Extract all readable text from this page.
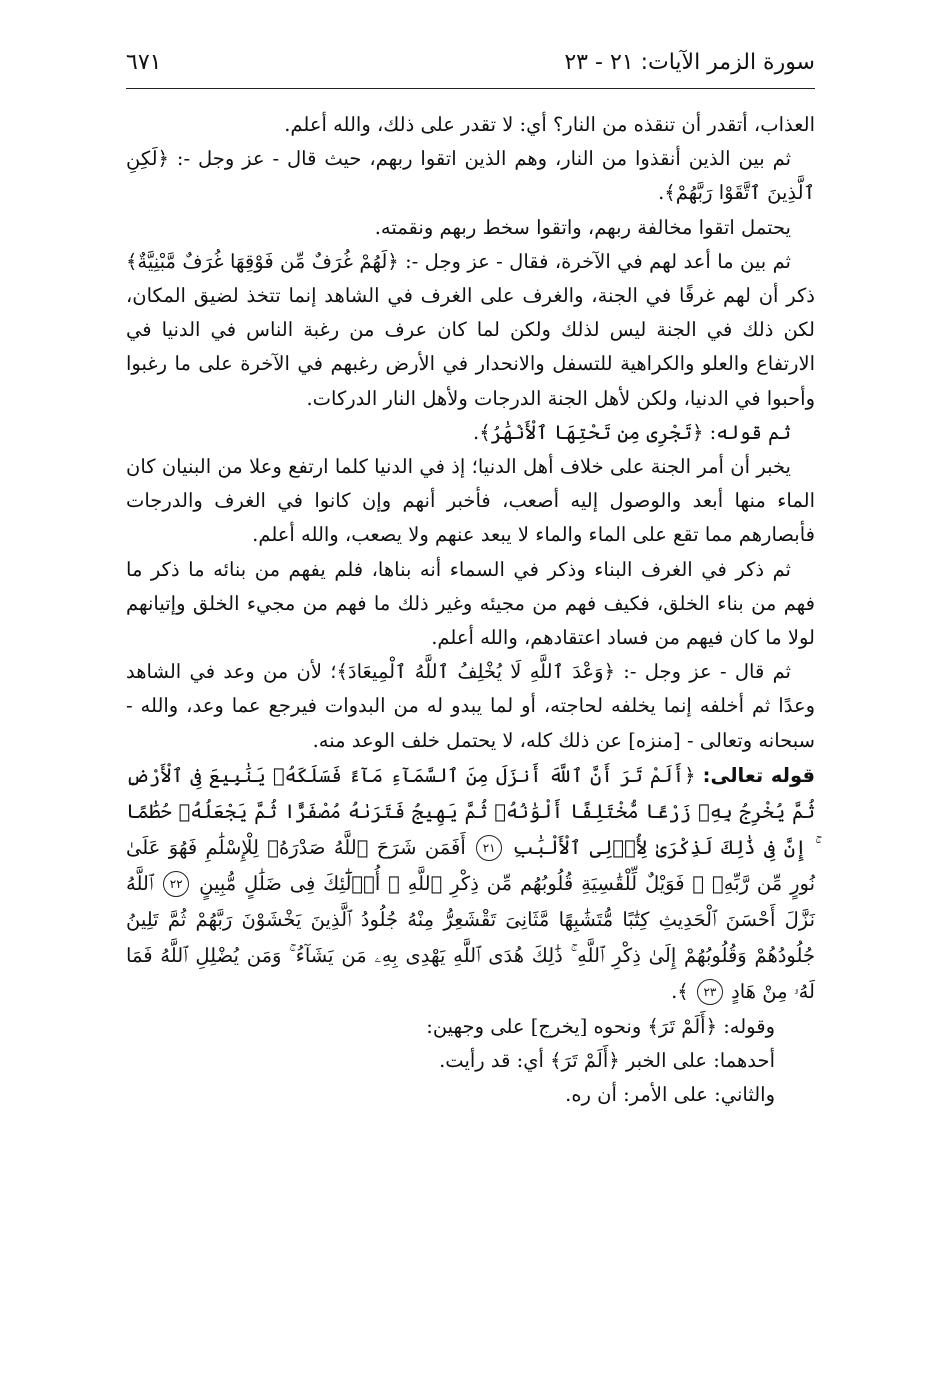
سورة الزمر الآيات: ٢١ - ٢٣
٦٧١

العذاب، أتقدر أن تنقذه من النار؟ أي: لا تقدر على ذلك، والله أعلم.

ثم بين الذين أنقذوا من النار، وهم الذين اتقوا ربهم، حيث قال - عز وجل -: ﴿لَكِنِ ٱلَّذِينَ ٱتَّقَوْا رَبَّهُمْ﴾.

يحتمل اتقوا مخالفة ربهم، واتقوا سخط ربهم ونقمته.

ثم بين ما أعد لهم في الآخرة، فقال - عز وجل -: ﴿لَهُمْ غُرَفٌ مِّن فَوْقِهَا غُرَفٌ مَّبْنِيَّةٌ﴾ ذكر أن لهم غرفًا في الجنة، والغرف على الغرف في الشاهد إنما تتخذ لضيق المكان، لكن ذلك في الجنة ليس لذلك ولكن لما كان عرف من رغبة الناس في الدنيا في الارتفاع والعلو والكراهية للتسفل والانحدار في الأرض رغبهم في الآخرة على ما رغبوا وأحبوا في الدنيا، ولكن لأهل الجنة الدرجات ولأهل النار الدركات.

ثم قوله: ﴿تَجْرِى مِن تَحْتِهَا ٱلْأَنْهَٰرُ﴾.

يخبر أن أمر الجنة على خلاف أهل الدنيا؛ إذ في الدنيا كلما ارتفع وعلا من البنيان كان الماء منها أبعد والوصول إليه أصعب، فأخبر أنهم وإن كانوا في الغرف والدرجات فأبصارهم مما تقع على الماء والماء لا يبعد عنهم ولا يصعب، والله أعلم.

ثم ذكر في الغرف البناء وذكر في السماء أنه بناها، فلم يفهم من بنائه ما ذكر ما فهم من بناء الخلق، فكيف فهم من مجيئه وغير ذلك ما فهم من مجيء الخلق وإتيانهم لولا ما كان فيهم من فساد اعتقادهم، والله أعلم.

ثم قال - عز وجل -: ﴿وَعْدَ ٱللَّهِ لَا يُخْلِفُ ٱللَّهُ ٱلْمِيعَادَ﴾؛ لأن من وعد في الشاهد وعدًا ثم أخلفه إنما يخلفه لحاجته، أو لما يبدو له من البدوات فيرجع عما وعد، والله - سبحانه وتعالى - [منزه] عن ذلك كله، لا يحتمل خلف الوعد منه.

قوله تعالى: ﴿أَلَمْ تَرَ أَنَّ ٱللَّهَ أَنزَلَ مِنَ ٱلسَّمَآءِ مَآءً فَسَلَكَهُۥ يَنَٰبِيعَ فِى ٱلْأَرْضِ ثُمَّ يُخْرِجُ بِهِۦ زَرْعًا مُّخْتَلِفًا أَلْوَٰنُهُۥ ثُمَّ يَهِيجُ فَتَرَىٰهُ مُصْفَرًّا ثُمَّ يَجْعَلُهُۥ حُطَٰمًا ۚ إِنَّ فِى ذَٰلِكَ لَذِكْرَىٰ لِأُو۟لِى ٱلْأَلْبَٰبِ ٢١ أَفَمَن شَرَحَ ٱللَّهُ صَدْرَهُۥ لِلْإِسْلَٰمِ فَهُوَ عَلَىٰ نُورٍ مِّن رَّبِّهِۦ ۚ فَوَيْلٌ لِّلْقَٰسِيَةِ قُلُوبُهُم مِّن ذِكْرِ ٱللَّهِ ۚ أُو۟لَٰٓئِكَ فِى ضَلَٰلٍ مُّبِينٍ ٢٢ ٱللَّهُ نَزَّلَ أَحْسَنَ ٱلْحَدِيثِ كِتَٰبًا مُّتَشَٰبِهًا مَّثَانِىَ تَقْشَعِرُّ مِنْهُ جُلُودُ ٱلَّذِينَ يَخْشَوْنَ رَبَّهُمْ ثُمَّ تَلِينُ جُلُودُهُمْ وَقُلُوبُهُمْ إِلَىٰ ذِكْرِ ٱللَّهِ ۚ ذَٰلِكَ هُدَى ٱللَّهِ يَهْدِى بِهِۦ مَن يَشَآءُ ۚ وَمَن يُضْلِلِ ٱللَّهُ فَمَا لَهُۥ مِنْ هَادٍ ٢٣ ﴾.

وقوله: ﴿أَلَمْ تَرَ﴾ ونحوه [يخرج] على وجهين:

أحدهما: على الخبر ﴿أَلَمْ تَرَ﴾ أي: قد رأيت.

والثاني: على الأمر: أن ره.
